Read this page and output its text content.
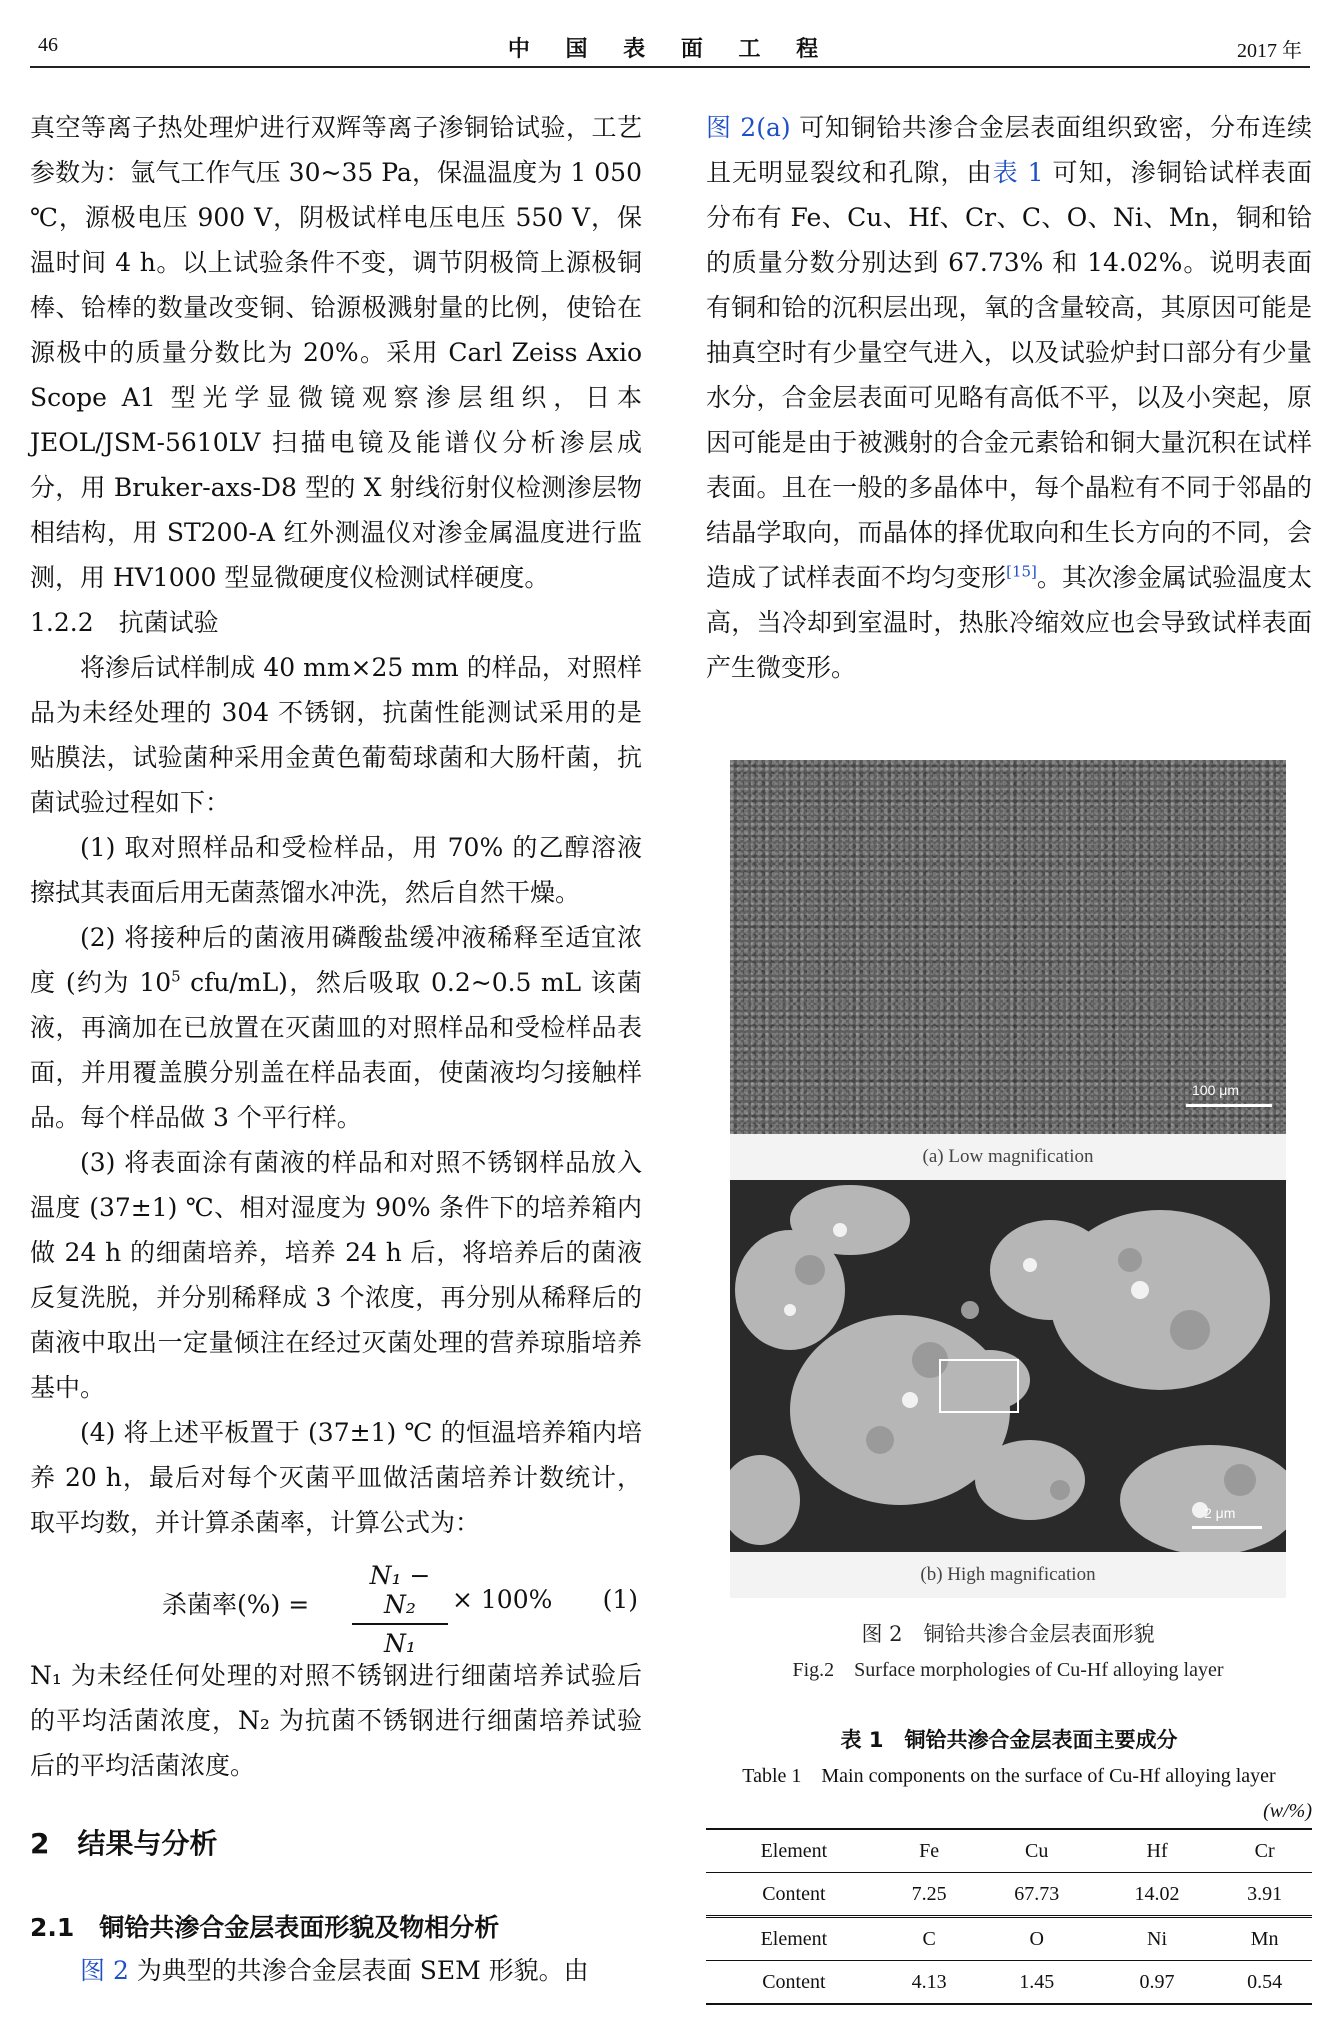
46	中 国 表 面 工 程	2017 年

真空等离子热处理炉进行双辉等离子渗铜铪试验，工艺参数为：氩气工作气压 30~35 Pa，保温温度为 1 050 ℃，源极电压 900 V，阴极试样电压电压 550 V，保温时间 4 h。以上试验条件不变，调节阴极筒上源极铜棒、铪棒的数量改变铜、铪源极溅射量的比例，使铪在源极中的质量分数比为 20%。采用 Carl Zeiss Axio Scope A1 型光学显微镜观察渗层组织，日本 JEOL/JSM-5610LV 扫描电镜及能谱仪分析渗层成分，用 Bruker-axs-D8 型的 X 射线衍射仪检测渗层物相结构，用 ST200-A 红外测温仪对渗金属温度进行监测，用 HV1000 型显微硬度仪检测试样硬度。

1.2.2　抗菌试验

将渗后试样制成 40 mm×25 mm 的样品，对照样品为未经处理的 304 不锈钢，抗菌性能测试采用的是贴膜法，试验菌种采用金黄色葡萄球菌和大肠杆菌，抗菌试验过程如下：

(1) 取对照样品和受检样品，用 70% 的乙醇溶液擦拭其表面后用无菌蒸馏水冲洗，然后自然干燥。

(2) 将接种后的菌液用磷酸盐缓冲液稀释至适宜浓度 (约为 $10^5$ cfu/mL)，然后吸取 0.2~0.5 mL 该菌液，再滴加在已放置在灭菌皿的对照样品和受检样品表面，并用覆盖膜分别盖在样品表面，使菌液均匀接触样品。每个样品做 3 个平行样。

(3) 将表面涂有菌液的样品和对照不锈钢样品放入温度 (37±1) ℃、相对湿度为 90% 条件下的培养箱内做 24 h 的细菌培养，培养 24 h 后，将培养后的菌液反复洗脱，并分别稀释成 3 个浓度，再分别从稀释后的菌液中取出一定量倾注在经过灭菌处理的营养琼脂培养基中。

(4) 将上述平板置于 (37±1) ℃ 的恒温培养箱内培养 20 h，最后对每个灭菌平皿做活菌培养计数统计，取平均数，并计算杀菌率，计算公式为：

杀菌率(%) = $\frac{\text{N₁ − N₂}}{\text{N₁}} \times 100\%$ (1)

N₁ 为未经任何处理的对照不锈钢进行细菌培养试验后的平均活菌浓度，N₂ 为抗菌不锈钢进行细菌培养试验后的平均活菌浓度。

2　结果与分析
2.1　铜铪共渗合金层表面形貌及物相分析

图 2 为典型的共渗合金层表面 SEM 形貌。由

图 2(a) 可知铜铪共渗合金层表面组织致密，分布连续且无明显裂纹和孔隙，由表 1 可知，渗铜铪试样表面分布有 Fe、Cu、Hf、Cr、C、O、Ni、Mn，铜和铪的质量分数分别达到 67.73% 和 14.02%。说明表面有铜和铪的沉积层出现，氧的含量较高，其原因可能是抽真空时有少量空气进入，以及试验炉封口部分有少量水分，合金层表面可见略有高低不平，以及小突起，原因可能是由于被溅射的合金元素铪和铜大量沉积在试样表面。且在一般的多晶体中，每个晶粒有不同于邻晶的结晶学取向，而晶体的择优取向和生长方向的不同，会造成了试样表面不均匀变形[15]。其次渗金属试验温度太高，当冷却到室温时，热胀冷缩效应也会导致试样表面产生微变形。

100 μm
(a) Low magnification
2 μm
(b) High magnification
图 2　铜铪共渗合金层表面形貌
Fig.2　Surface morphologies of Cu-Hf alloying layer
表 1　铜铪共渗合金层表面主要成分
Table 1　Main components on the surface of Cu-Hf alloying layer
(w/%)
Element	Fe	Cu	Hf	Cr
Content	7.25	67.73	14.02	3.91
Element	C	O	Ni	Mn
Content	4.13	1.45	0.97	0.54
